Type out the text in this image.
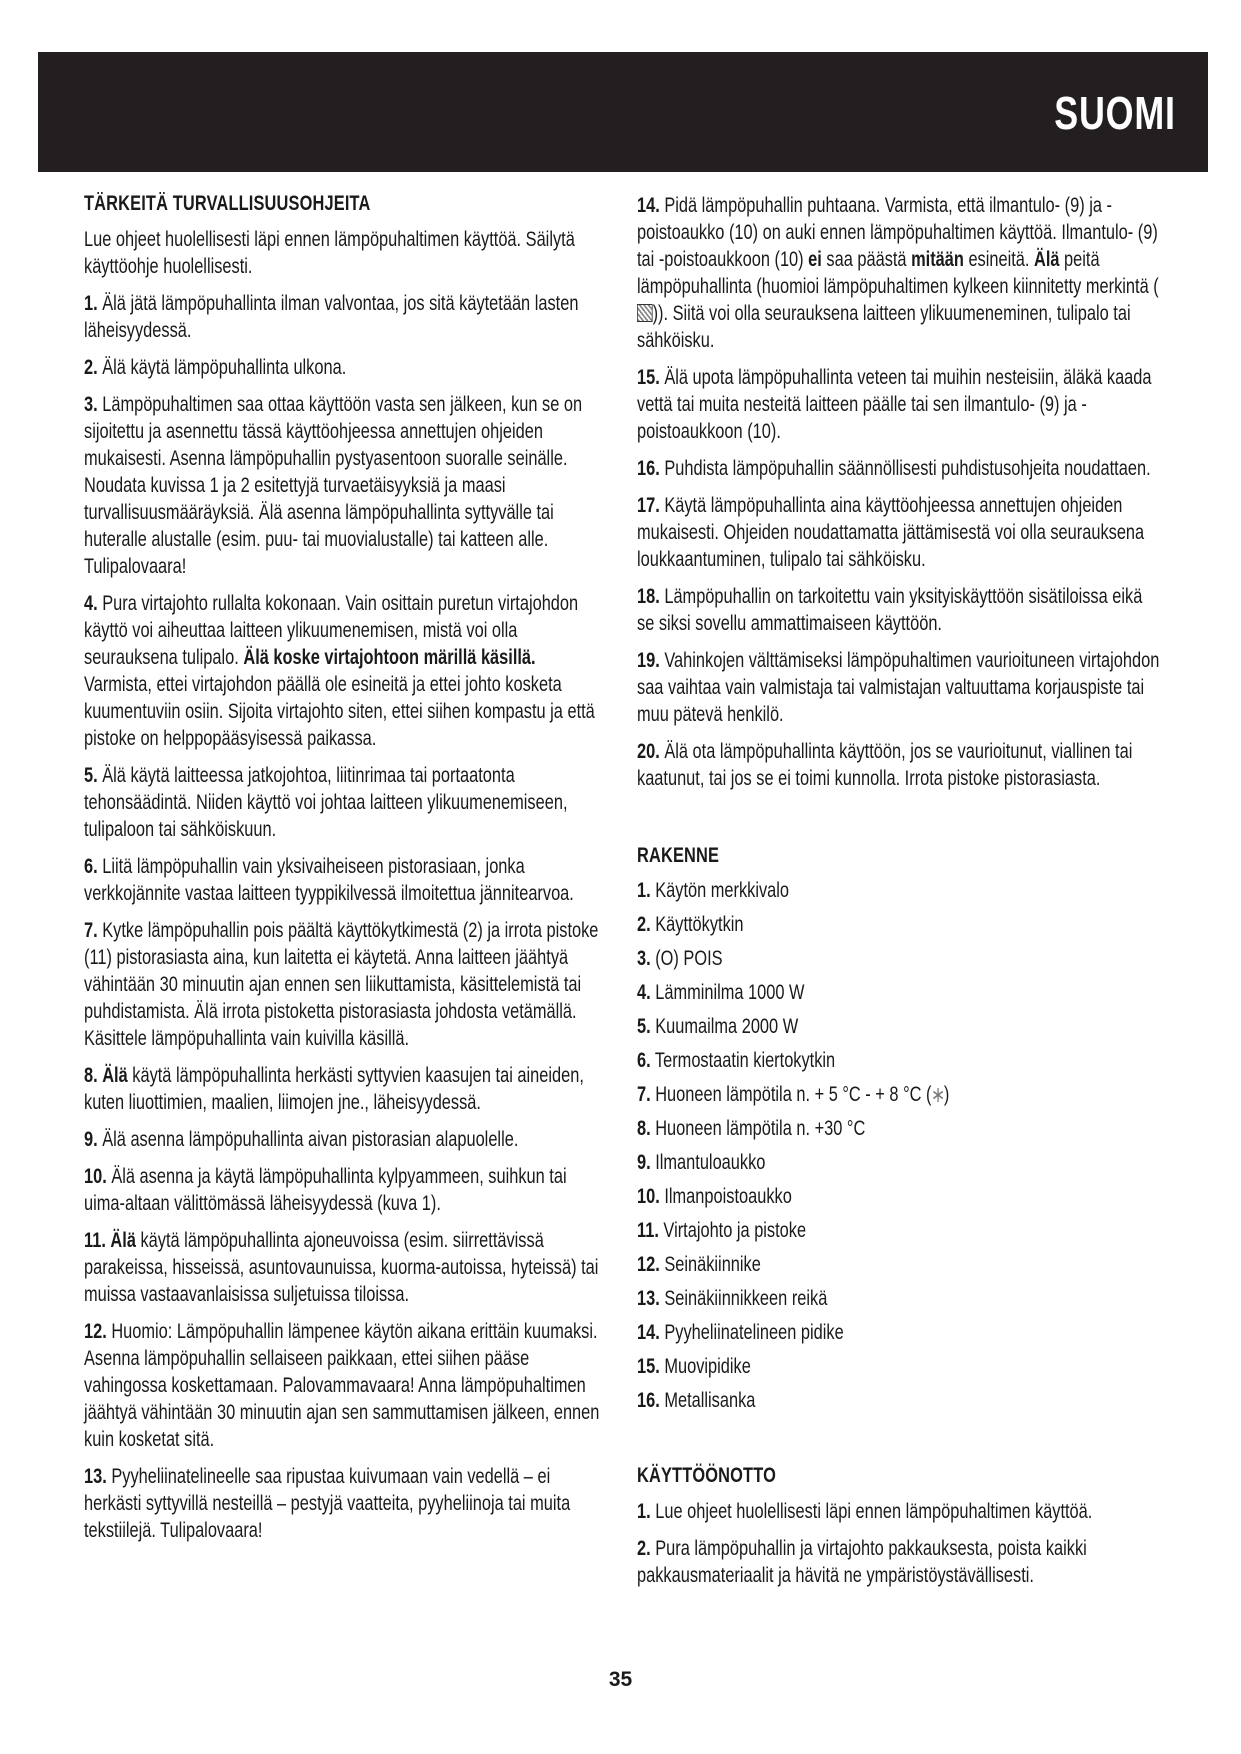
SUOMI
TÄRKEITÄ TURVALLISUUSOHJEITA

Lue ohjeet huolellisesti läpi ennen lämpöpuhaltimen käyttöä. Säilytä käyttöohje huolellisesti.

1. Älä jätä lämpöpuhallinta ilman valvontaa, jos sitä käytetään lasten läheisyydessä.

2. Älä käytä lämpöpuhallinta ulkona.

3. Lämpöpuhaltimen saa ottaa käyttöön vasta sen jälkeen, kun se on sijoitettu ja asennettu tässä käyttöohjeessa annettujen ohjeiden mukaisesti. Asenna lämpöpuhallin pystyasentoon suoralle seinälle. Noudata kuvissa 1 ja 2 esitettyjä turvaetäisyyksiä ja maasi turvallisuusmääräyksiä. Älä asenna lämpöpuhallinta syttyvälle tai huteralle alustalle (esim. puu- tai muovialustalle) tai katteen alle. Tulipalovaara!

4. Pura virtajohto rullalta kokonaan. Vain osittain puretun virtajohdon käyttö voi aiheuttaa laitteen ylikuumenemisen, mistä voi olla seurauksena tulipalo. Älä koske virtajohtoon märillä käsillä. Varmista, ettei virtajohdon päällä ole esineitä ja ettei johto kosketa kuumentuviin osiin. Sijoita virtajohto siten, ettei siihen kompastu ja että pistoke on helppopääsyisessä paikassa.

5. Älä käytä laitteessa jatkojohtoa, liitinrimaa tai portaatonta tehonsäädintä. Niiden käyttö voi johtaa laitteen ylikuumenemiseen, tulipaloon tai sähköiskuun.

6. Liitä lämpöpuhallin vain yksivaiheiseen pistorasiaan, jonka verkkojännite vastaa laitteen tyyppikilvessä ilmoitettua jännitearvoa.

7. Kytke lämpöpuhallin pois päältä käyttökytkimestä (2) ja irrota pistoke (11) pistorasiasta aina, kun laitetta ei käytetä. Anna laitteen jäähtyä vähintään 30 minuutin ajan ennen sen liikuttamista, käsittelemistä tai puhdistamista. Älä irrota pistoketta pistorasiasta johdosta vetämällä. Käsittele lämpöpuhallinta vain kuivilla käsillä.

8. Älä käytä lämpöpuhallinta herkästi syttyvien kaasujen tai aineiden, kuten liuottimien, maalien, liimojen jne., läheisyydessä.

9. Älä asenna lämpöpuhallinta aivan pistorasian alapuolelle.

10. Älä asenna ja käytä lämpöpuhallinta kylpyammeen, suihkun tai uima-altaan välittömässä läheisyydessä (kuva 1).

11. Älä käytä lämpöpuhallinta ajoneuvoissa (esim. siirrettävissä parakeissa, hisseissä, asuntovaunuissa, kuorma-autoissa, hyteissä) tai muissa vastaavanlaisissa suljetuissa tiloissa.

12. Huomio: Lämpöpuhallin lämpenee käytön aikana erittäin kuumaksi. Asenna lämpöpuhallin sellaiseen paikkaan, ettei siihen pääse vahingossa koskettamaan. Palovammavaara! Anna lämpöpuhaltimen jäähtyä vähintään 30 minuutin ajan sen sammuttamisen jälkeen, ennen kuin kosketat sitä.

13. Pyyheliinatelineelle saa ripustaa kuivumaan vain vedellä – ei herkästi syttyvillä nesteillä – pestyjä vaatteita, pyyheliinoja tai muita tekstiilejä. Tulipalovaara!

14. Pidä lämpöpuhallin puhtaana. Varmista, että ilmantulo- (9) ja -poistoaukko (10) on auki ennen lämpöpuhaltimen käyttöä. Ilmantulo- (9) tai -poistoaukkoon (10) ei saa päästä mitään esineitä. Älä peitä lämpöpuhallinta (huomioi lämpöpuhaltimen kylkeen kiinnitetty merkintä ()). Siitä voi olla seurauksena laitteen ylikuumeneminen, tulipalo tai sähköisku.

15. Älä upota lämpöpuhallinta veteen tai muihin nesteisiin, äläkä kaada vettä tai muita nesteitä laitteen päälle tai sen ilmantulo- (9) ja -poistoaukkoon (10).

16. Puhdista lämpöpuhallin säännöllisesti puhdistusohjeita noudattaen.

17. Käytä lämpöpuhallinta aina käyttöohjeessa annettujen ohjeiden mukaisesti. Ohjeiden noudattamatta jättämisestä voi olla seurauksena loukkaantuminen, tulipalo tai sähköisku.

18. Lämpöpuhallin on tarkoitettu vain yksityiskäyttöön sisätiloissa eikä se siksi sovellu ammattimaiseen käyttöön.

19. Vahinkojen välttämiseksi lämpöpuhaltimen vaurioituneen virtajohdon saa vaihtaa vain valmistaja tai valmistajan valtuuttama korjauspiste tai muu pätevä henkilö.

20. Älä ota lämpöpuhallinta käyttöön, jos se vaurioitunut, viallinen tai kaatunut, tai jos se ei toimi kunnolla. Irrota pistoke pistorasiasta.

RAKENNE
1. Käytön merkkivalo
2. Käyttökytkin
3. (O) POIS
4. Lämminilma 1000 W
5. Kuumailma 2000 W
6. Termostaatin kiertokytkin
7. Huoneen lämpötila n. + 5 °C - + 8 °C ( )
8. Huoneen lämpötila n. +30 °C
9. Ilmantuloaukko
10. Ilmanpoistoaukko
11. Virtajohto ja pistoke
12. Seinäkiinnike
13. Seinäkiinnikkeen reikä
14. Pyyheliinatelineen pidike
15. Muovipidike
16. Metallisanka
KÄYTTÖÖNOTTO

1. Lue ohjeet huolellisesti läpi ennen lämpöpuhaltimen käyttöä.

2. Pura lämpöpuhallin ja virtajohto pakkauksesta, poista kaikki pakkausmateriaalit ja hävitä ne ympäristöystävällisesti.

35
